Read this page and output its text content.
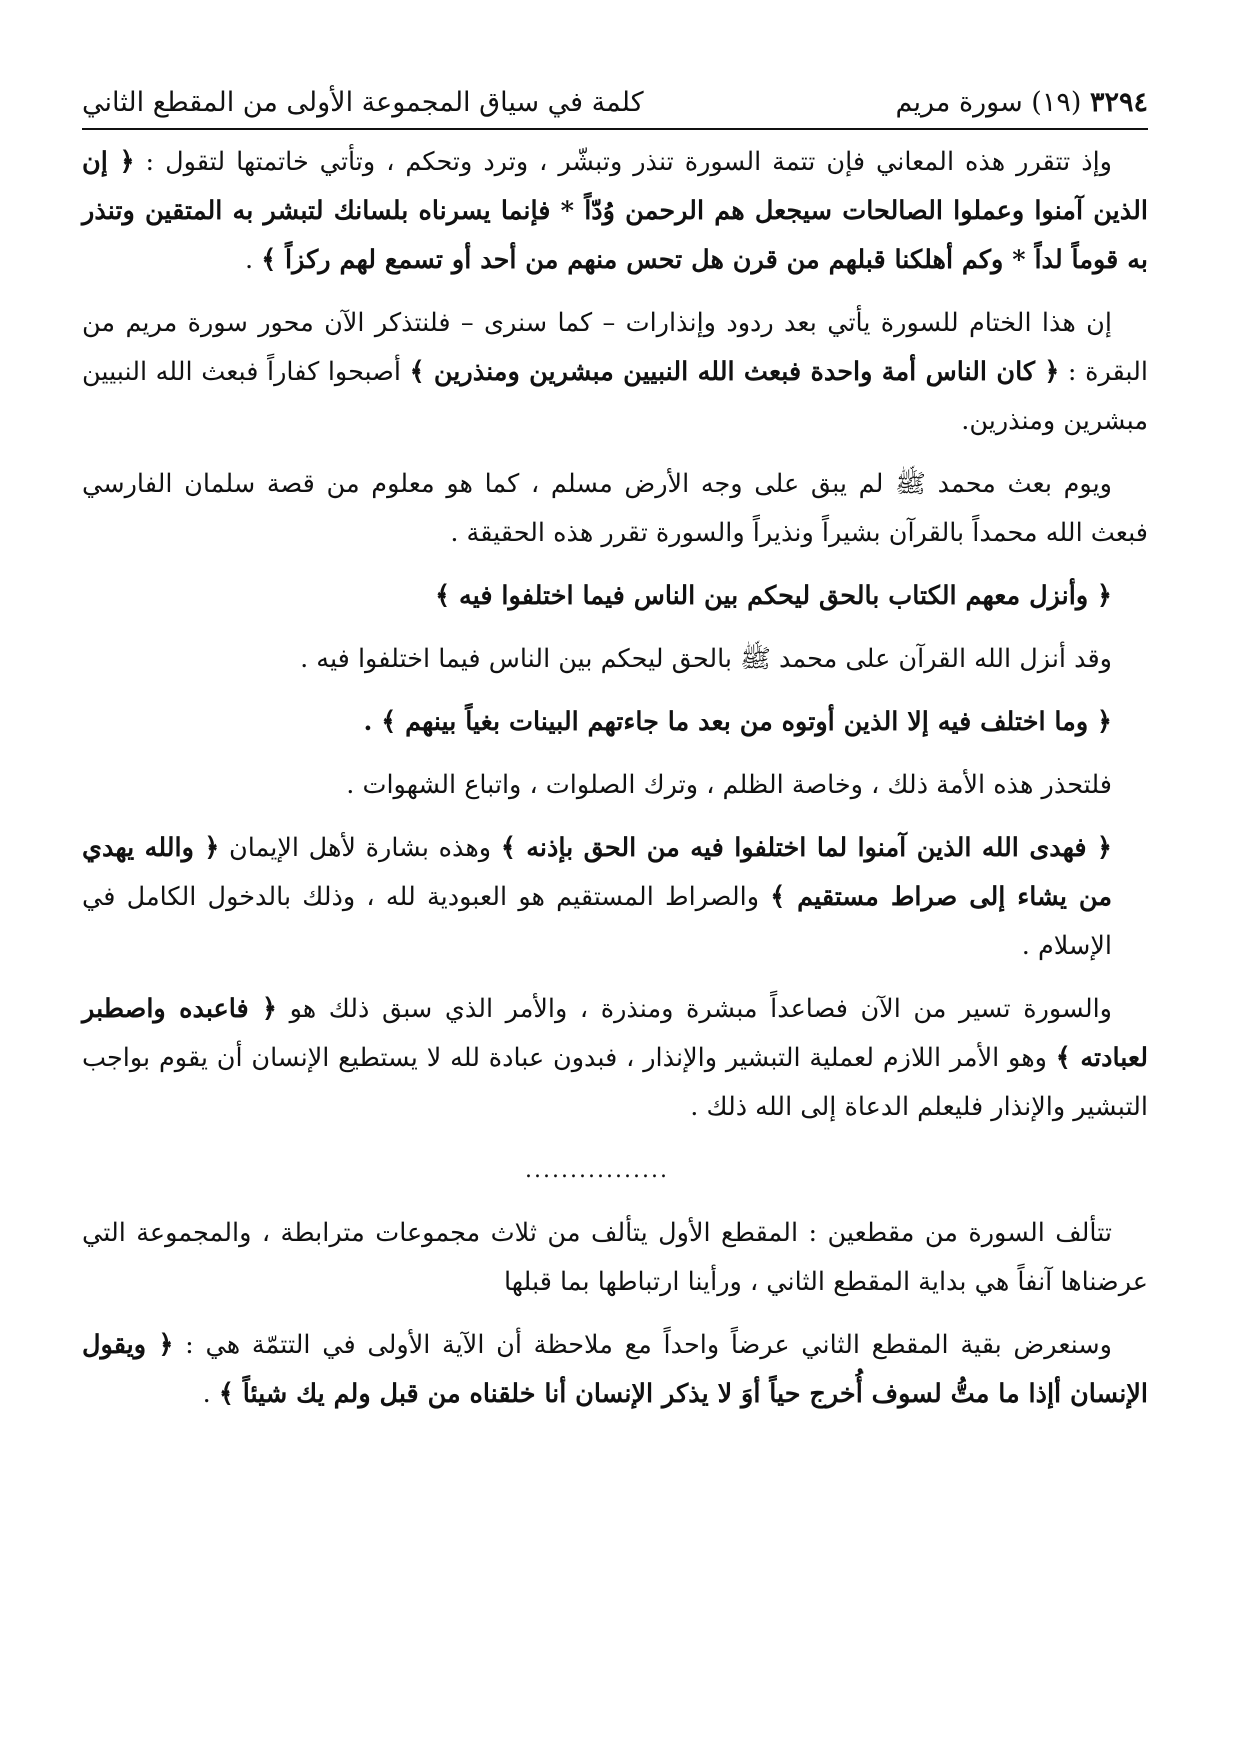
٣٢٩٤ (١٩) سورة مريم
كلمة في سياق المجموعة الأولى من المقطع الثاني

وإذ تتقرر هذه المعاني فإن تتمة السورة تنذر وتبشّر ، وترد وتحكم ، وتأتي خاتمتها لتقول : ﴿ إن الذين آمنوا وعملوا الصالحات سيجعل هم الرحمن وُدّاً * فإنما يسرناه بلسانك لتبشر به المتقين وتنذر به قوماً لداً * وكم أهلكنا قبلهم من قرن هل تحس منهم من أحد أو تسمع لهم ركزاً ﴾ .

إن هذا الختام للسورة يأتي بعد ردود وإنذارات – كما سنرى – فلنتذكر الآن محور سورة مريم من البقرة : ﴿ كان الناس أمة واحدة فبعث الله النبيين مبشرين ومنذرين ﴾ أصبحوا كفاراً فبعث الله النبيين مبشرين ومنذرين.

ويوم بعث محمد ﷺ لم يبق على وجه الأرض مسلم ، كما هو معلوم من قصة سلمان الفارسي فبعث الله محمداً بالقرآن بشيراً ونذيراً والسورة تقرر هذه الحقيقة .

﴿ وأنزل معهم الكتاب بالحق ليحكم بين الناس فيما اختلفوا فيه ﴾

وقد أنزل الله القرآن على محمد ﷺ بالحق ليحكم بين الناس فيما اختلفوا فيه .

﴿ وما اختلف فيه إلا الذين أوتوه من بعد ما جاءتهم البينات بغياً بينهم ﴾ .

فلتحذر هذه الأمة ذلك ، وخاصة الظلم ، وترك الصلوات ، واتباع الشهوات .

﴿ فهدى الله الذين آمنوا لما اختلفوا فيه من الحق بإذنه ﴾ وهذه بشارة لأهل الإيمان ﴿ والله يهدي من يشاء إلى صراط مستقيم ﴾ والصراط المستقيم هو العبودية لله ، وذلك بالدخول الكامل في الإسلام .

والسورة تسير من الآن فصاعداً مبشرة ومنذرة ، والأمر الذي سبق ذلك هو ﴿ فاعبده واصطبر لعبادته ﴾ وهو الأمر اللازم لعملية التبشير والإنذار ، فبدون عبادة لله لا يستطيع الإنسان أن يقوم بواجب التبشير والإنذار فليعلم الدعاة إلى الله ذلك .

................

تتألف السورة من مقطعين : المقطع الأول يتألف من ثلاث مجموعات مترابطة ، والمجموعة التي عرضناها آنفاً هي بداية المقطع الثاني ، ورأينا ارتباطها بما قبلها

وسنعرض بقية المقطع الثاني عرضاً واحداً مع ملاحظة أن الآية الأولى في التتمّة هي : ﴿ ويقول الإنسان أإذا ما متُّ لسوف أُخرج حياً أوَ لا يذكر الإنسان أنا خلقناه من قبل ولم يك شيئاً ﴾ .
